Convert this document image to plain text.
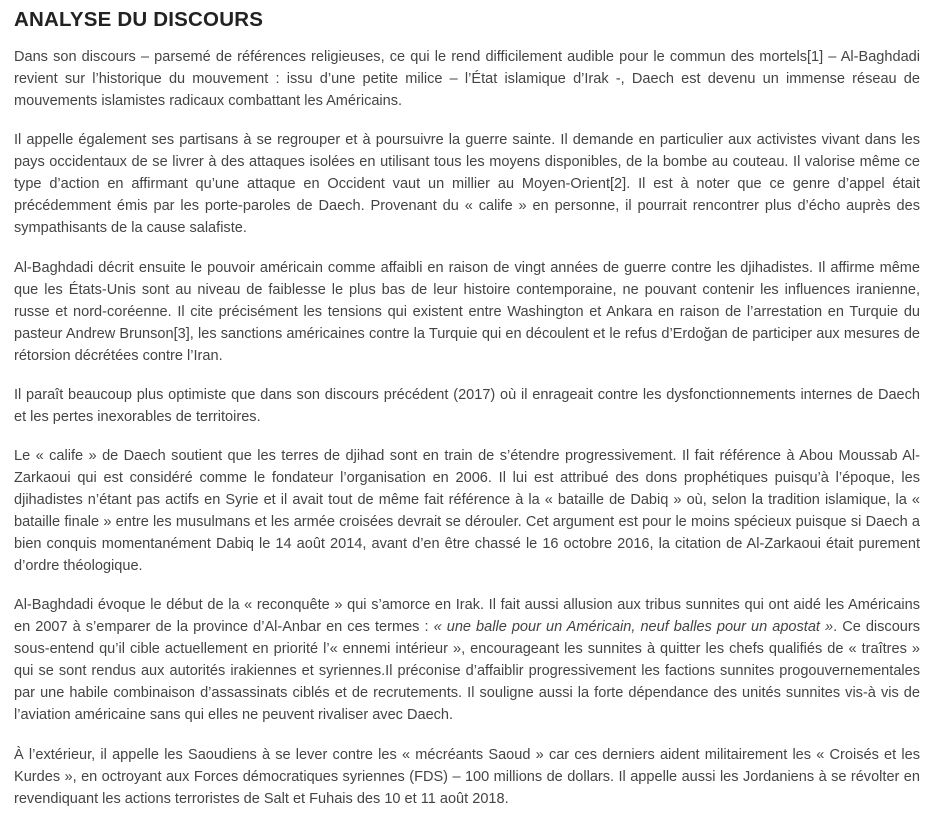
ANALYSE DU DISCOURS

Dans son discours – parsemé de références religieuses, ce qui le rend difficilement audible pour le commun des mortels[1] – Al-Baghdadi revient sur l’historique du mouvement : issu d’une petite milice – l’État islamique d’Irak -, Daech est devenu un immense réseau de mouvements islamistes radicaux combattant les Américains.

Il appelle également ses partisans à se regrouper et à poursuivre la guerre sainte. Il demande en particulier aux activistes vivant dans les pays occidentaux de se livrer à des attaques isolées en utilisant tous les moyens disponibles, de la bombe au couteau. Il valorise même ce type d’action en affirmant qu’une attaque en Occident vaut un millier au Moyen-Orient[2]. Il est à noter que ce genre d’appel était précédemment émis par les porte-paroles de Daech. Provenant du « calife » en personne, il pourrait rencontrer plus d’écho auprès des sympathisants de la cause salafiste.

Al-Baghdadi décrit ensuite le pouvoir américain comme affaibli en raison de vingt années de guerre contre les djihadistes. Il affirme même que les États-Unis sont au niveau de faiblesse le plus bas de leur histoire contemporaine, ne pouvant contenir les influences iranienne, russe et nord-coréenne. Il cite précisément les tensions qui existent entre Washington et Ankara en raison de l’arrestation en Turquie du pasteur Andrew Brunson[3], les sanctions américaines contre la Turquie qui en découlent et le refus d’Erdoğan de participer aux mesures de rétorsion décrétées contre l’Iran.

Il paraît beaucoup plus optimiste que dans son discours précédent (2017) où il enrageait contre les dysfonctionnements internes de Daech et les pertes inexorables de territoires.

Le « calife » de Daech soutient que les terres de djihad sont en train de s’étendre progressivement. Il fait référence à Abou Moussab Al-Zarkaoui qui est considéré comme le fondateur l’organisation en 2006. Il lui est attribué des dons prophétiques puisqu’à l’époque, les djihadistes n’étant pas actifs en Syrie et il avait tout de même fait référence à la « bataille de Dabiq » où, selon la tradition islamique, la « bataille finale » entre les musulmans et les armée croisées devrait se dérouler. Cet argument est pour le moins spécieux puisque si Daech a bien conquis momentanément Dabiq le 14 août 2014, avant d’en être chassé le 16 octobre 2016, la citation de Al-Zarkaoui était purement d’ordre théologique.

Al-Baghdadi évoque le début de la « reconquête » qui s’amorce en Irak. Il fait aussi allusion aux tribus sunnites qui ont aidé les Américains en 2007 à s’emparer de la province d’Al-Anbar en ces termes : « une balle pour un Américain, neuf balles pour un apostat ». Ce discours sous-entend qu’il cible actuellement en priorité l’« ennemi intérieur », encourageant les sunnites à quitter les chefs qualifiés de « traîtres » qui se sont rendus aux autorités irakiennes et syriennes.Il préconise d’affaiblir progressivement les factions sunnites progouvernementales par une habile combinaison d’assassinats ciblés et de recrutements. Il souligne aussi la forte dépendance des unités sunnites vis-à vis de l’aviation américaine sans qui elles ne peuvent rivaliser avec Daech.

À l’extérieur, il appelle les Saoudiens à se lever contre les « mécréants Saoud » car ces derniers aident militairement les « Croisés et les Kurdes », en octroyant aux Forces démocratiques syriennes (FDS) – 100 millions de dollars. Il appelle aussi les Jordaniens à se révolter en revendiquant les actions terroristes de Salt et Fuhais des 10 et 11 août 2018.
